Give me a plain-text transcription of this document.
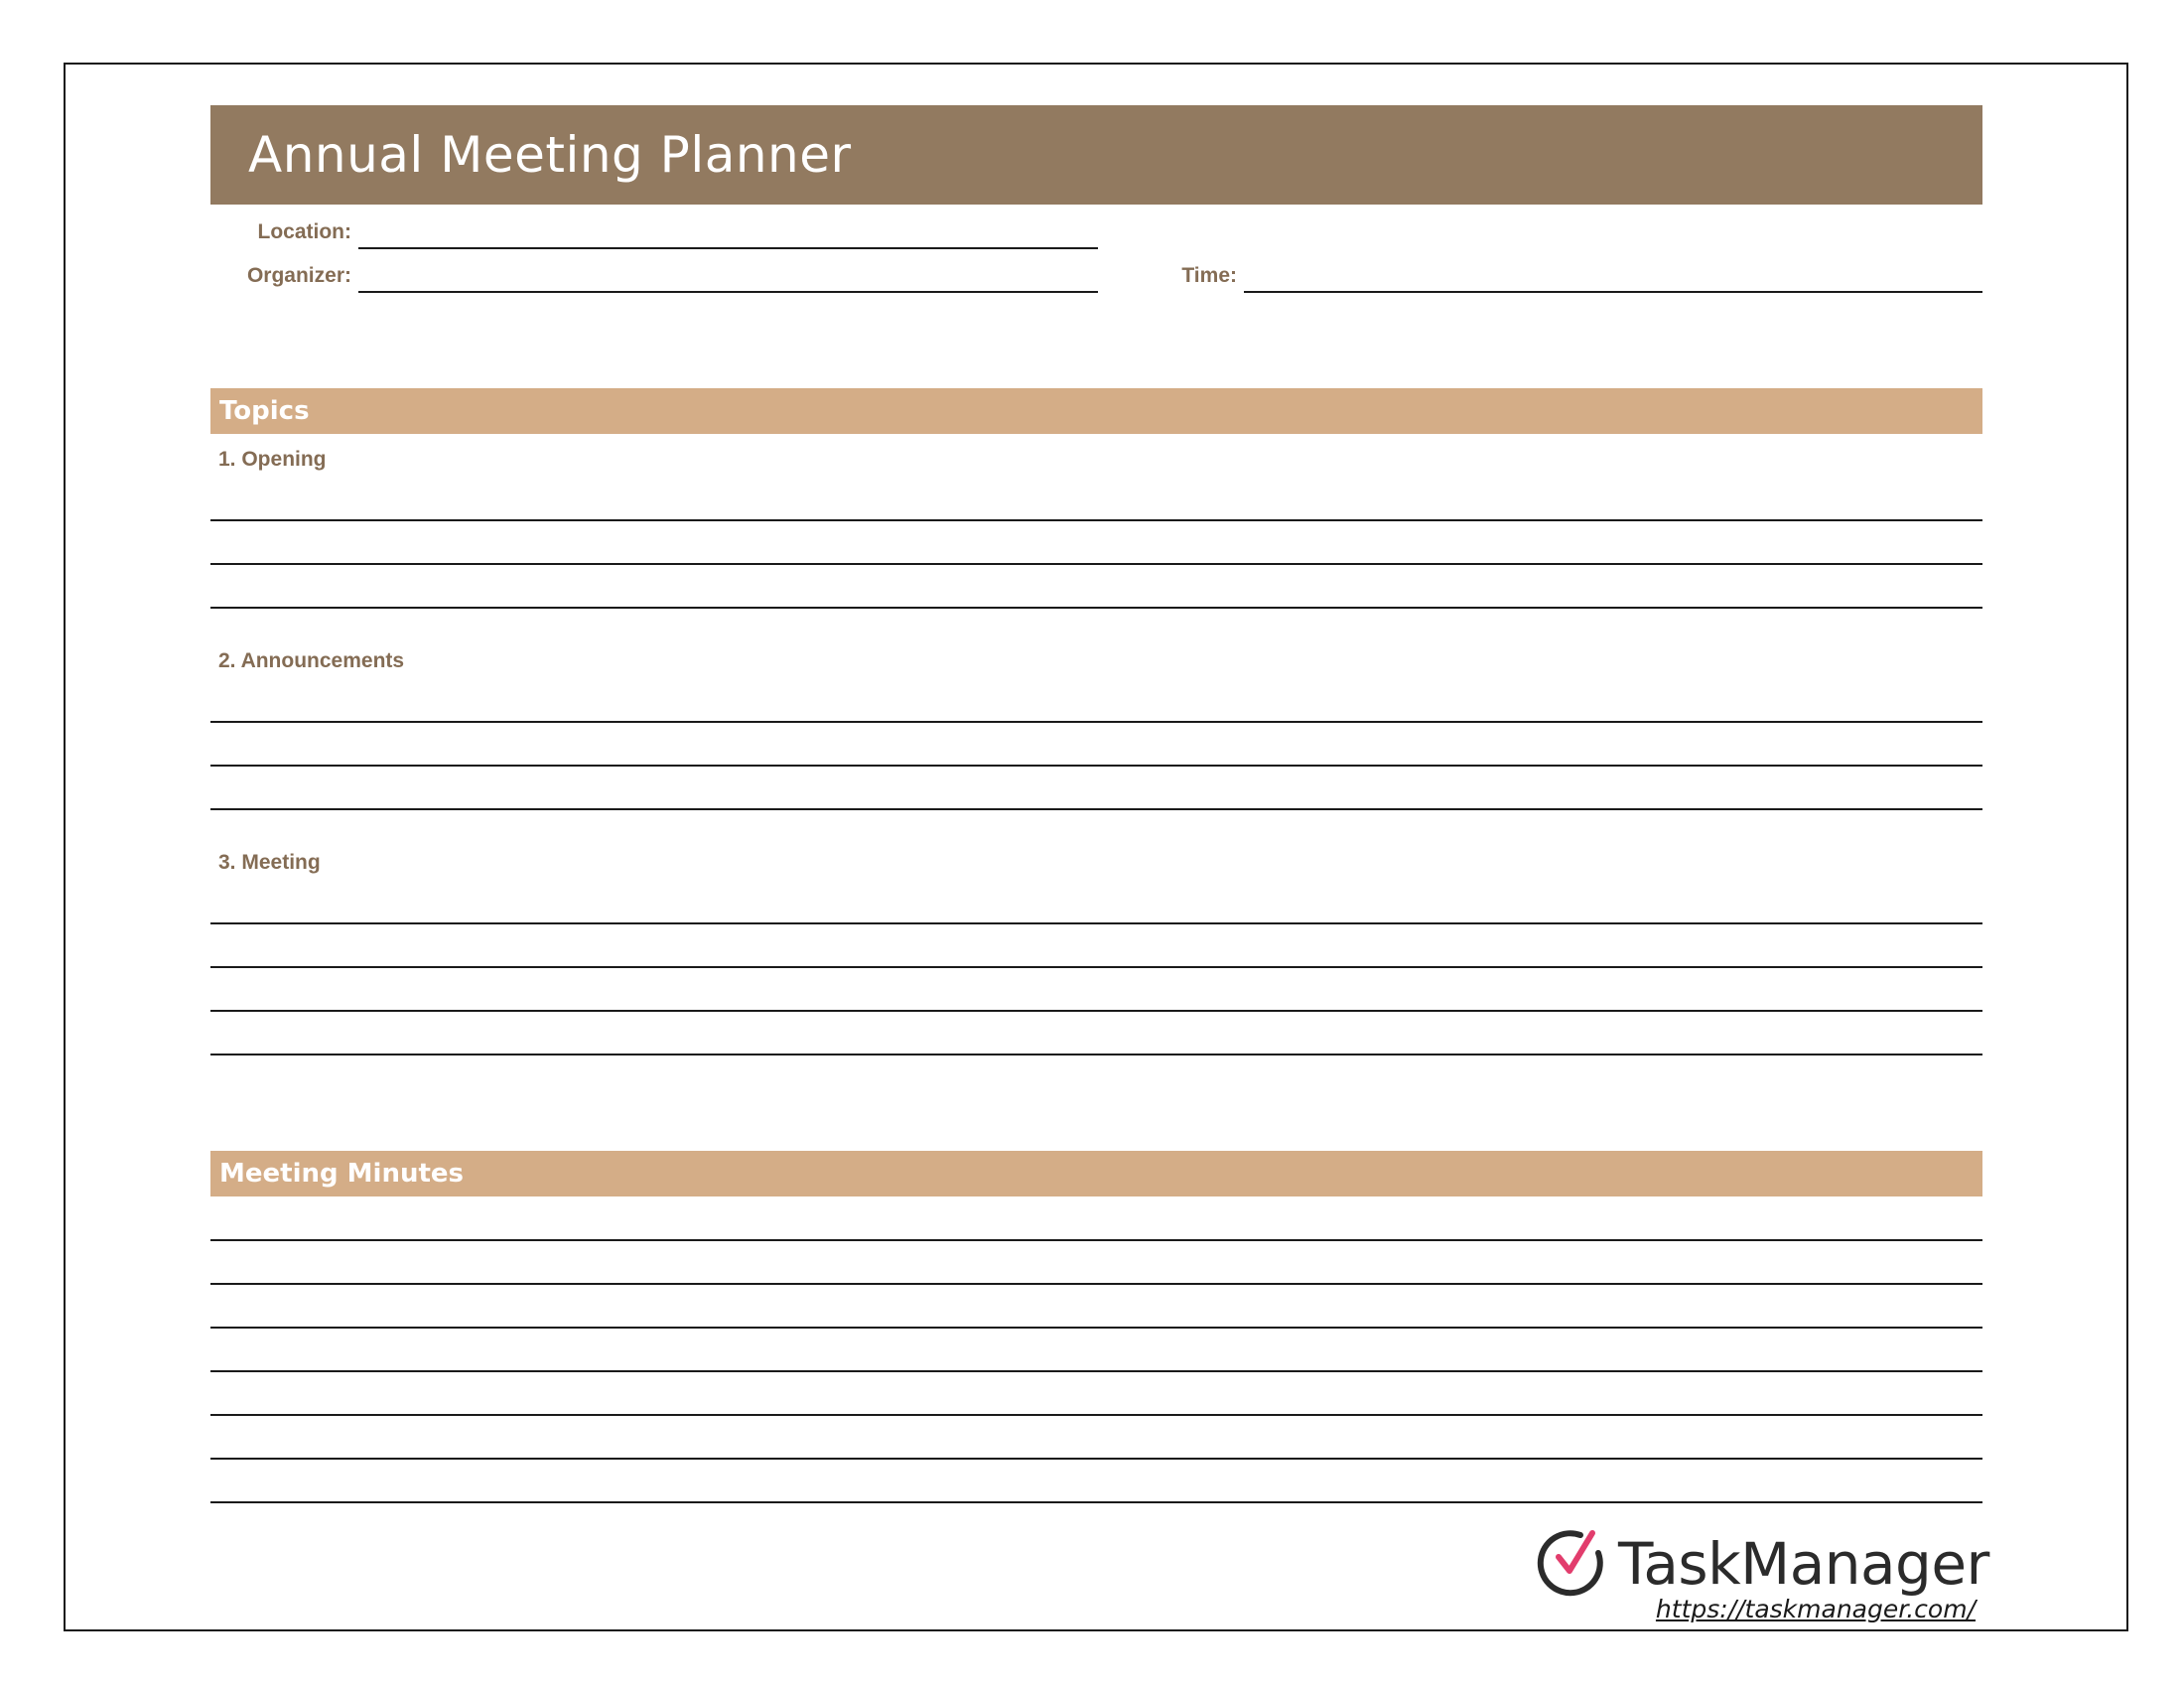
Annual Meeting Planner
Location:
Organizer:	Time:
Topics
1. Opening
2. Announcements
3. Meeting
Meeting Minutes
TaskManager
https://taskmanager.com/
